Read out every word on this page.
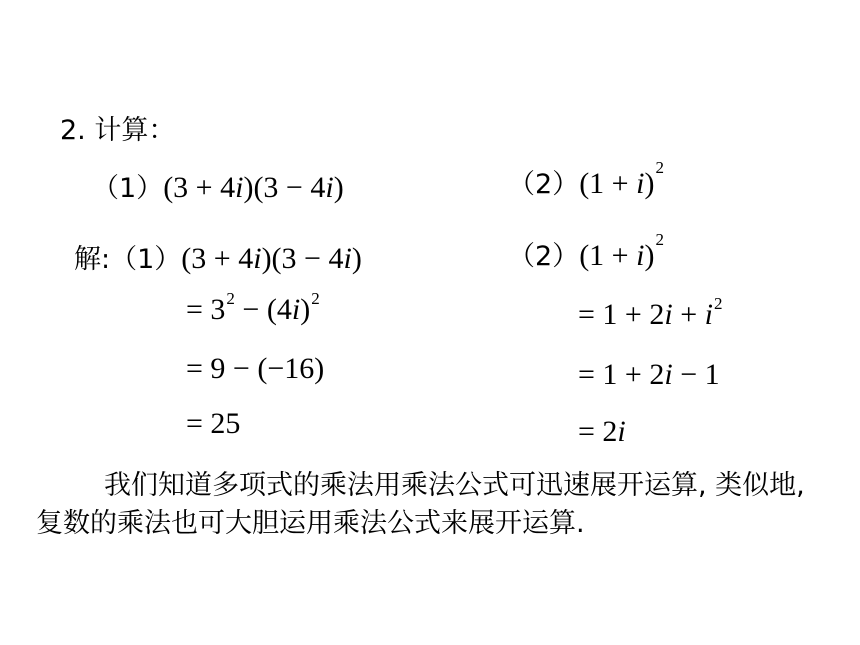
2. 计算：
（1）(3 + 4i)(3 − 4i)	$(2)(1 + i)^2$
解:（1）(3 + 4i)(3 − 4i)
= $3^2 - (4i)^2$
= 9 − (−16)
= 25
$(2)(1 + i)^2$
= $1 + 2i + i^2$
= 1 + 2i − 1
= 2i
我们知道多项式的乘法用乘法公式可迅速展开运算, 类似地, 复数的乘法也可大胆运用乘法公式来展开运算.
